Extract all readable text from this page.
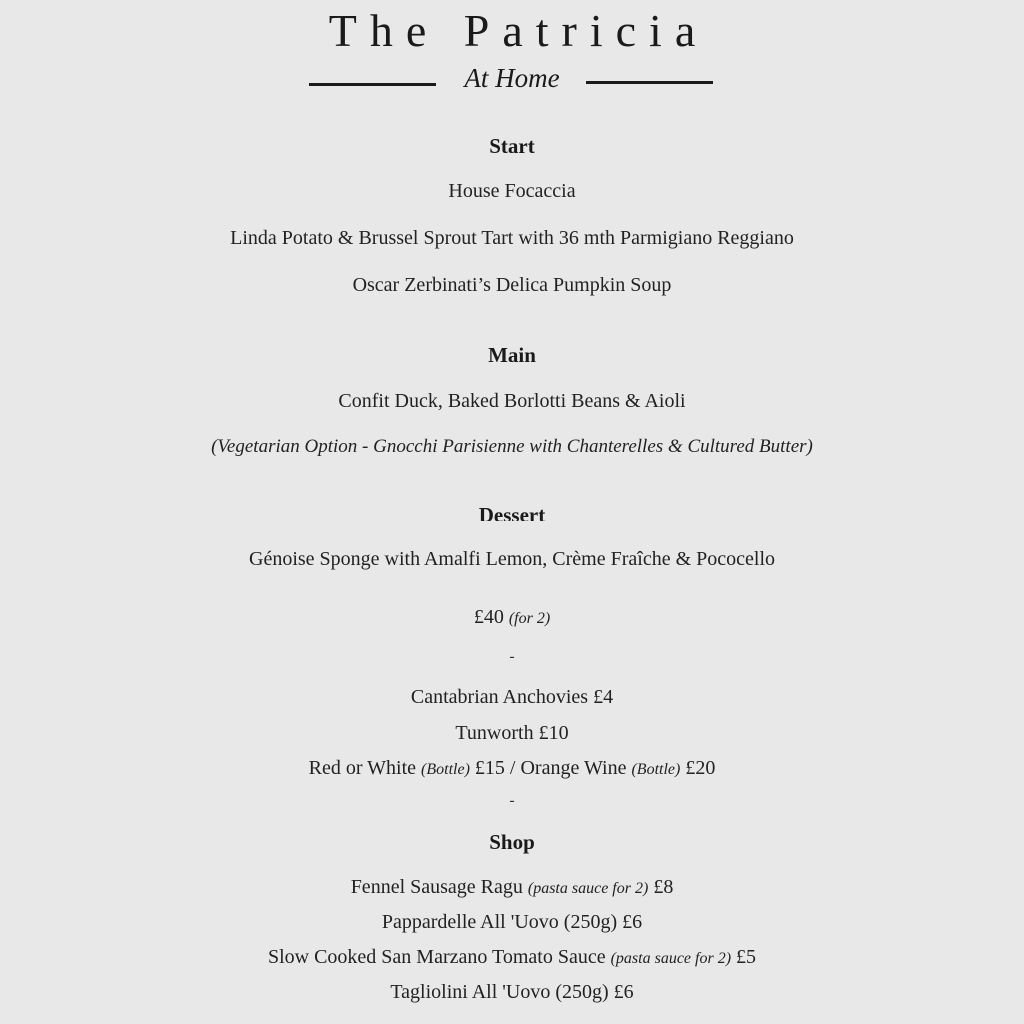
The Patricia
At Home
Start
House Focaccia
Linda Potato & Brussel Sprout Tart with 36 mth Parmigiano Reggiano
Oscar Zerbinati’s Delica Pumpkin Soup
Main
Confit Duck, Baked Borlotti Beans & Aioli
(Vegetarian Option - Gnocchi Parisienne with Chanterelles & Cultured Butter)
Dessert
Génoise Sponge with Amalfi Lemon, Crème Fraîche & Pococello
£40 (for 2)
-
Cantabrian Anchovies £4
Tunworth £10
Red or White (Bottle) £15 / Orange Wine (Bottle) £20
-
Shop
Fennel Sausage Ragu (pasta sauce for 2) £8
Pappardelle All 'Uovo (250g) £6
Slow Cooked San Marzano Tomato Sauce (pasta sauce for 2) £5
Tagliolini All 'Uovo (250g) £6
